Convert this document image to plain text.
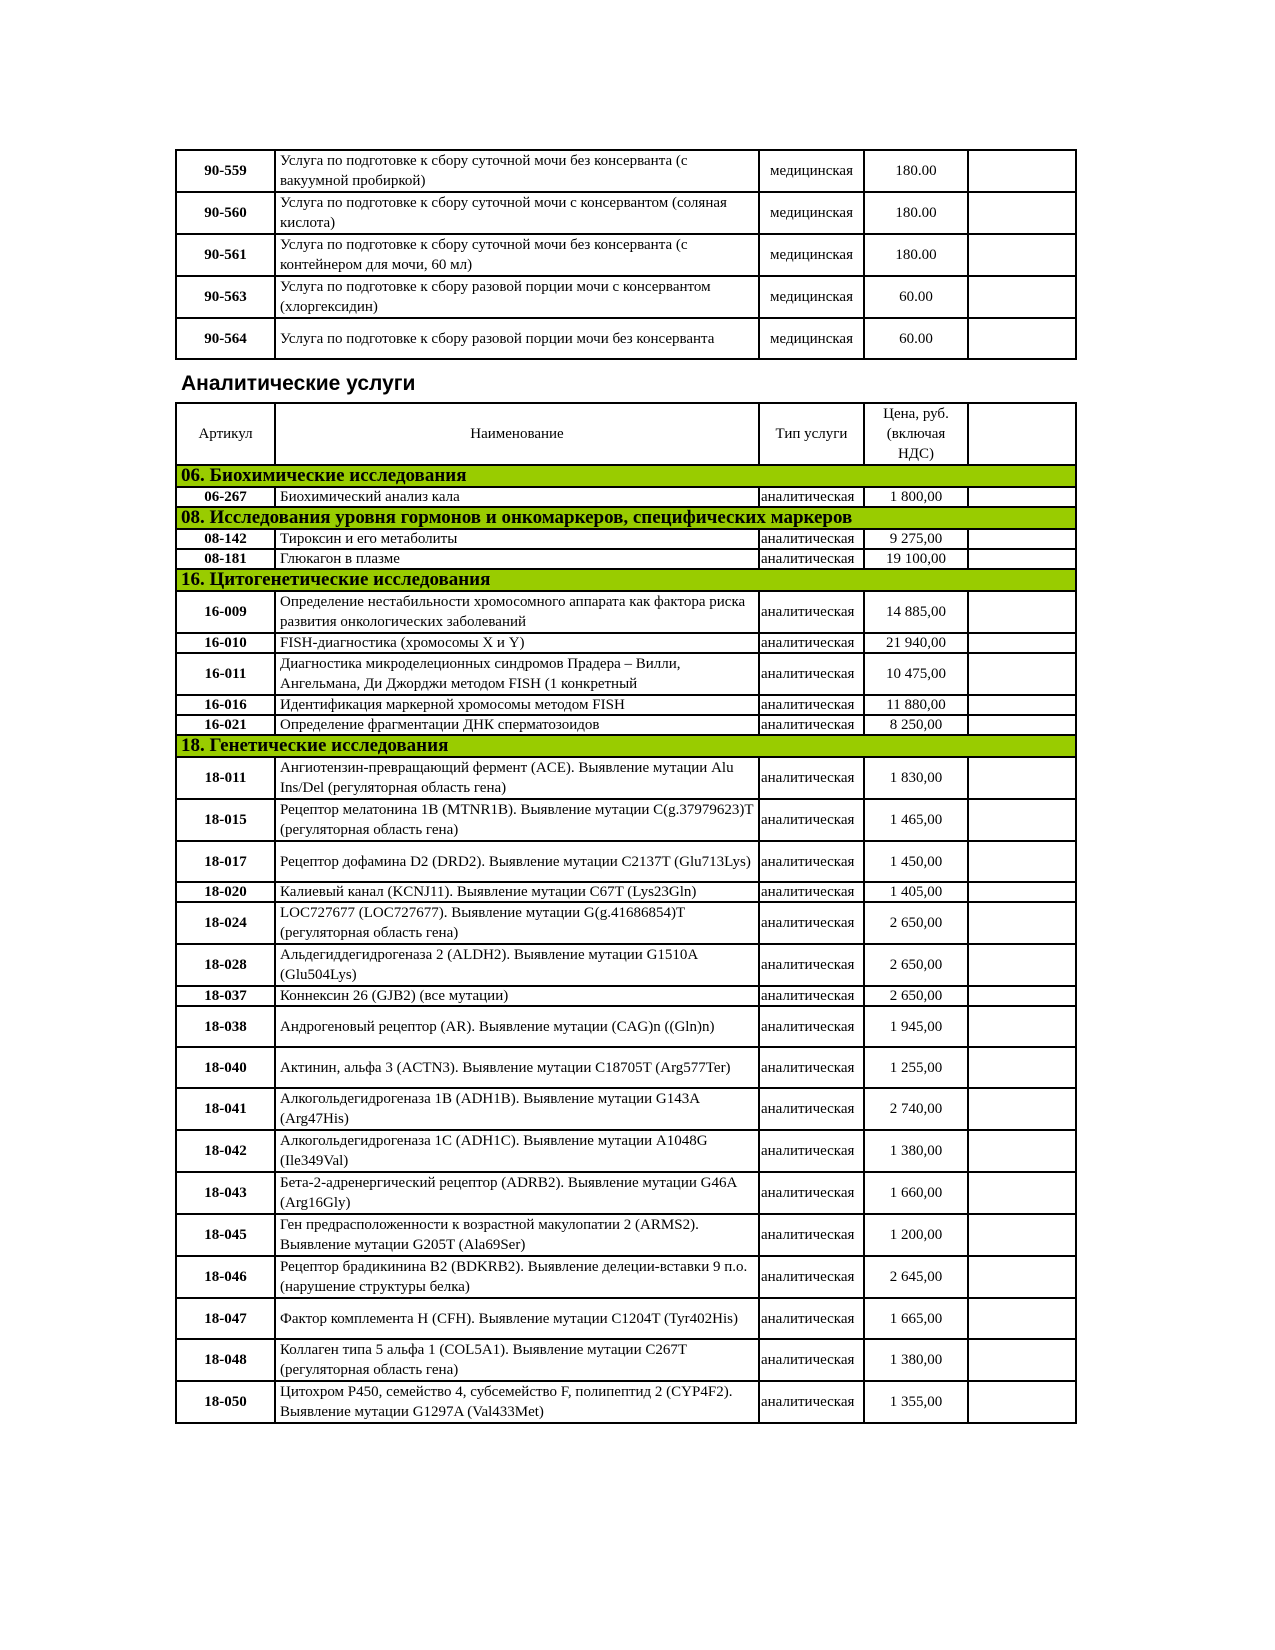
90-559	Услуга по подготовке к сбору суточной мочи без консерванта (с вакуумной пробиркой)	медицинская	180.00	
90-560	Услуга по подготовке к сбору суточной мочи с консервантом (соляная кислота)	медицинская	180.00	
90-561	Услуга по подготовке к сбору суточной мочи без консерванта (с контейнером для мочи, 60 мл)	медицинская	180.00	
90-563	Услуга по подготовке к сбору разовой порции мочи с консервантом (хлоргексидин)	медицинская	60.00	
90-564	Услуга по подготовке к сбору разовой порции мочи без консерванта	медицинская	60.00	
Аналитические услуги
Артикул	Наименование	Тип услуги	Цена, руб. (включая НДС)	
06. Биохимические исследования				
06-267	Биохимический анализ кала	аналитическая	1 800,00	
08. Исследования уровня гормонов и онкомаркеров, специфических маркеров				
08-142	Тироксин и его метаболиты	аналитическая	9 275,00	
08-181	Глюкагон в плазме	аналитическая	19 100,00	
16. Цитогенетические исследования				
16-009	Определение нестабильности хромосомного аппарата как фактора риска развития онкологических заболеваний	аналитическая	14 885,00	
16-010	FISH-диагностика (хромосомы X и Y)	аналитическая	21 940,00	
16-011	Диагностика микроделеционных синдромов Прадера – Вилли, Ангельмана, Ди Джорджи методом FISH (1 конкретный	аналитическая	10 475,00	
16-016	Идентификация маркерной хромосомы методом FISH	аналитическая	11 880,00	
16-021	Определение фрагментации ДНК сперматозоидов	аналитическая	8 250,00	
18. Генетические исследования				
18-011	Ангиотензин-превращающий фермент (ACE). Выявление мутации Alu Ins/Del (регуляторная область гена)	аналитическая	1 830,00	
18-015	Рецептор мелатонина 1B (MTNR1B). Выявление мутации C(g.37979623)T (регуляторная область гена)	аналитическая	1 465,00	
18-017	Рецептор дофамина D2 (DRD2). Выявление мутации C2137T (Glu713Lys)	аналитическая	1 450,00	
18-020	Калиевый канал (KCNJ11). Выявление мутации C67T (Lys23Gln)	аналитическая	1 405,00	
18-024	LOC727677 (LOC727677). Выявление мутации G(g.41686854)T (регуляторная область гена)	аналитическая	2 650,00	
18-028	Альдегиддегидрогеназа 2 (ALDH2). Выявление мутации G1510A (Glu504Lys)	аналитическая	2 650,00	
18-037	Коннексин 26 (GJB2) (все мутации)	аналитическая	2 650,00	
18-038	Андрогеновый рецептор (AR). Выявление мутации (CAG)n ((Gln)n)	аналитическая	1 945,00	
18-040	Актинин, альфа 3 (ACTN3). Выявление мутации C18705T (Arg577Ter)	аналитическая	1 255,00	
18-041	Алкогольдегидрогеназа 1B (ADH1B). Выявление мутации G143A (Arg47His)	аналитическая	2 740,00	
18-042	Алкогольдегидрогеназа 1C (ADH1C). Выявление мутации A1048G (Ile349Val)	аналитическая	1 380,00	
18-043	Бета-2-адренергический рецептор (ADRB2). Выявление мутации G46A (Arg16Gly)	аналитическая	1 660,00	
18-045	Ген предрасположенности к возрастной макулопатии 2 (ARMS2). Выявление мутации G205T (Ala69Ser)	аналитическая	1 200,00	
18-046	Рецептор брадикинина B2 (BDKRB2). Выявление делеции-вставки 9 п.о. (нарушение структуры белка)	аналитическая	2 645,00	
18-047	Фактор комплемента H (CFH). Выявление мутации C1204T (Tyr402His)	аналитическая	1 665,00	
18-048	Коллаген типа 5 альфа 1 (COL5A1). Выявление мутации C267T (регуляторная область гена)	аналитическая	1 380,00	
18-050	Цитохром P450, семейство 4, субсемейство F, полипептид 2 (CYP4F2). Выявление мутации G1297A (Val433Met)	аналитическая	1 355,00	
